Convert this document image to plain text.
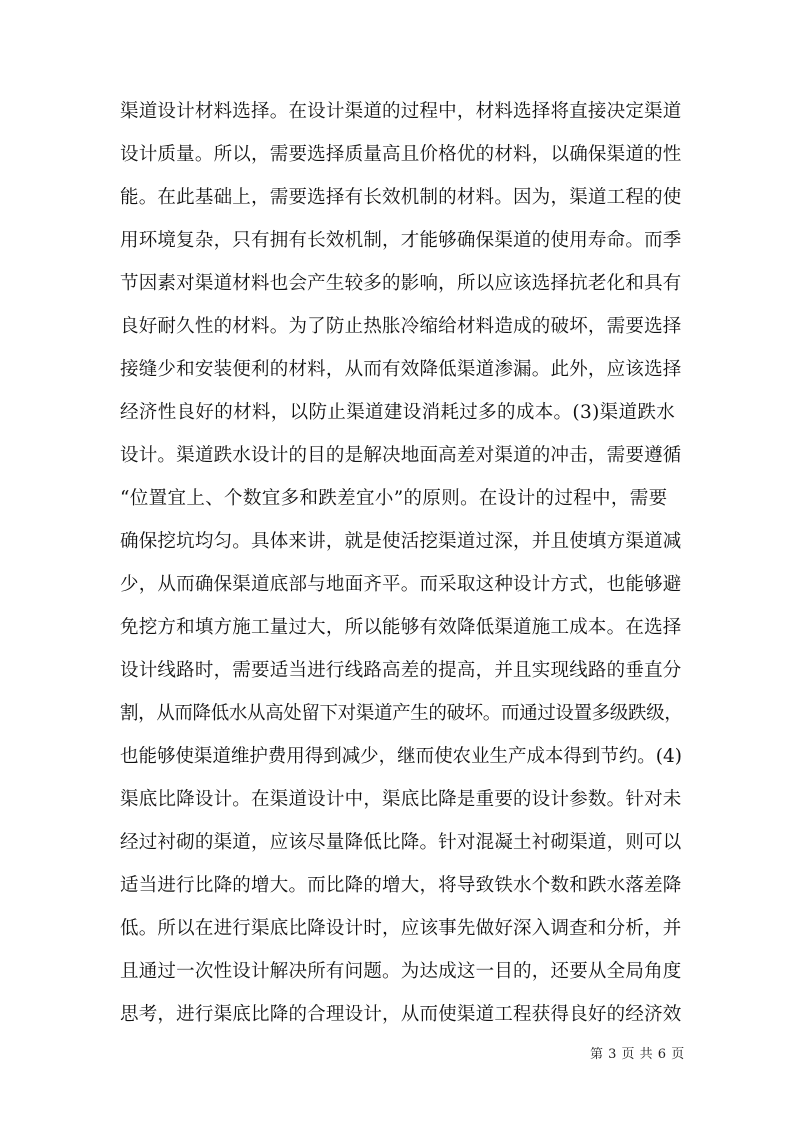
渠道设计材料选择。在设计渠道的过程中，材料选择将直接决定渠道
设计质量。所以，需要选择质量高且价格优的材料，以确保渠道的性
能。在此基础上，需要选择有长效机制的材料。因为，渠道工程的使
用环境复杂，只有拥有长效机制，才能够确保渠道的使用寿命。而季
节因素对渠道材料也会产生较多的影响，所以应该选择抗老化和具有
良好耐久性的材料。为了防止热胀冷缩给材料造成的破坏，需要选择
接缝少和安装便利的材料，从而有效降低渠道渗漏。此外，应该选择
经济性良好的材料，以防止渠道建设消耗过多的成本。(3)渠道跌水
设计。渠道跌水设计的目的是解决地面高差对渠道的冲击，需要遵循
“位置宜上、个数宜多和跌差宜小”的原则。在设计的过程中，需要
确保挖坑均匀。具体来讲，就是使活挖渠道过深，并且使填方渠道减
少，从而确保渠道底部与地面齐平。而采取这种设计方式，也能够避
免挖方和填方施工量过大，所以能够有效降低渠道施工成本。在选择
设计线路时，需要适当进行线路高差的提高，并且实现线路的垂直分
割，从而降低水从高处留下对渠道产生的破坏。而通过设置多级跌级，
也能够使渠道维护费用得到减少，继而使农业生产成本得到节约。(4)
渠底比降设计。在渠道设计中，渠底比降是重要的设计参数。针对未
经过衬砌的渠道，应该尽量降低比降。针对混凝土衬砌渠道，则可以
适当进行比降的增大。而比降的增大，将导致铁水个数和跌水落差降
低。所以在进行渠底比降设计时，应该事先做好深入调查和分析，并
且通过一次性设计解决所有问题。为达成这一目的，还要从全局角度
思考，进行渠底比降的合理设计，从而使渠道工程获得良好的经济效
第 3 页 共 6 页
